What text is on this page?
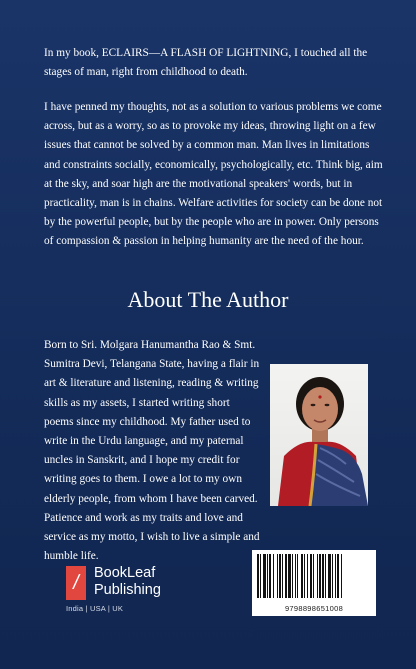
In my book, ECLAIRS—A FLASH OF LIGHTNING, I touched all the stages of man, right from childhood to death.

I have penned my thoughts, not as a solution to various problems we come across, but as a worry, so as to provoke my ideas, throwing light on a few issues that cannot be solved by a common man. Man lives in limitations and constraints socially, economically, psychologically, etc. Think big, aim at the sky, and soar high are the motivational speakers' words, but in practicality, man is in chains. Welfare activities for society can be done not by the powerful people, but by the people who are in power. Only persons of compassion & passion in helping humanity are the need of the hour.

About The Author

Born to Sri. Molgara Hanumantha Rao & Smt. Sumitra Devi, Telangana State, having a flair in art & literature and listening, reading & writing skills as my assets, I started writing short poems since my childhood. My father used to write in the Urdu language, and my paternal uncles in Sanskrit, and I hope my credit for writing goes to them. I owe a lot to my own elderly people, from whom I have been carved. Patience and work as my traits and love and service as my motto, I wish to live a simple and humble life.

/	BookLeaf
Publishing
India | USA | UK	9798898651008
